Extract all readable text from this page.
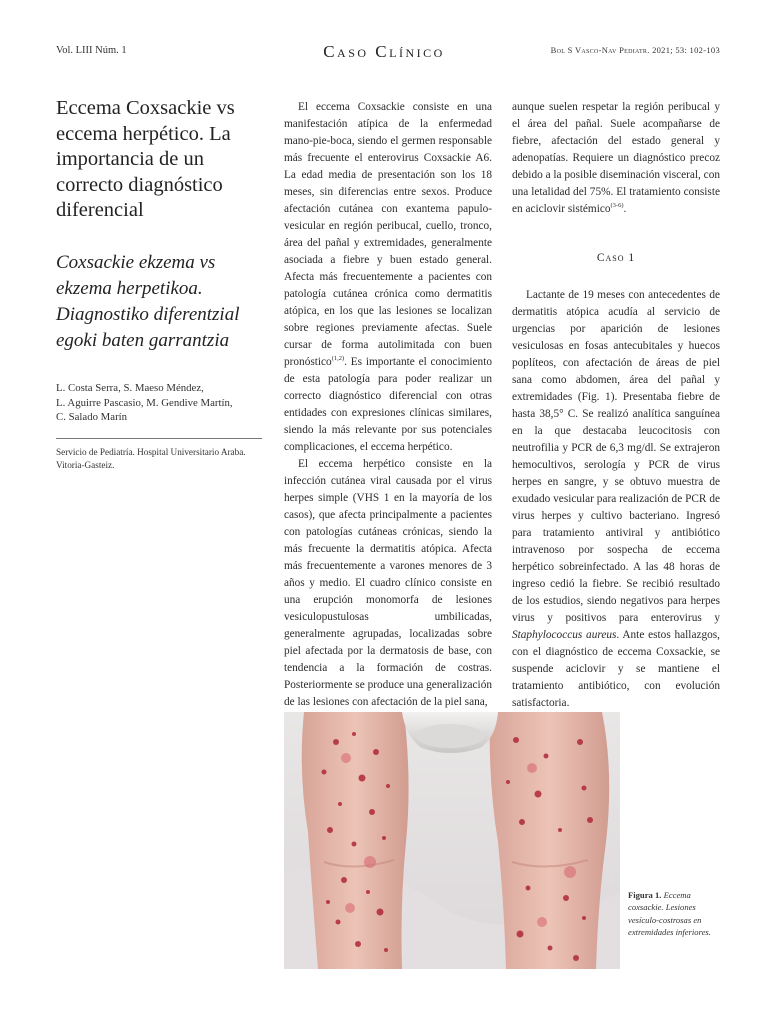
Vol. LIII Núm. 1	Caso Clínico	Bol S Vasco-Nav Pediatr. 2021; 53: 102-103
Eccema Coxsackie vs eccema herpético. La importancia de un correcto diagnóstico diferencial
Coxsackie ekzema vs ekzema herpetikoa. Diagnostiko diferentzial egoki baten garrantzia
L. Costa Serra, S. Maeso Méndez,
L. Aguirre Pascasio, M. Gendive Martín,
C. Salado Marín
Servicio de Pediatría. Hospital Universitario Araba. Vitoria-Gasteiz.

El eccema Coxsackie consiste en una manifestación atípica de la enfermedad mano-pie-boca, siendo el germen responsable más frecuente el enterovirus Coxsackie A6. La edad media de presentación son los 18 meses, sin diferencias entre sexos. Produce afectación cutánea con exantema papulo-vesicular en región peribucal, cuello, tronco, área del pañal y extremidades, generalmente asociada a fiebre y buen estado general. Afecta más frecuentemente a pacientes con patología cutánea crónica como dermatitis atópica, en los que las lesiones se localizan sobre regiones previamente afectas. Suele cursar de forma autolimitada con buen pronóstico$^{(1,2)}$. Es importante el conocimiento de esta patología para poder realizar un correcto diagnóstico diferencial con otras entidades con expresiones clínicas similares, siendo la más relevante por sus potenciales complicaciones, el eccema herpético.

El eccema herpético consiste en la infección cutánea viral causada por el virus herpes simple (VHS 1 en la mayoría de los casos), que afecta principalmente a pacientes con patologías cutáneas crónicas, siendo la más frecuente la dermatitis atópica. Afecta más frecuentemente a varones menores de 3 años y medio. El cuadro clínico consiste en una erupción monomorfa de lesiones vesiculopustulosas umbilicadas, generalmente agrupadas, localizadas sobre piel afectada por la dermatosis de base, con tendencia a la formación de costras. Posteriormente se produce una generalización de las lesiones con afectación de la piel sana,

aunque suelen respetar la región peribucal y el área del pañal. Suele acompañarse de fiebre, afectación del estado general y adenopatías. Requiere un diagnóstico precoz debido a la posible diseminación visceral, con una letalidad del 75%. El tratamiento consiste en aciclovir sistémico$^{(3-6)}$.

Caso 1

Lactante de 19 meses con antecedentes de dermatitis atópica acudía al servicio de urgencias por aparición de lesiones vesiculosas en fosas antecubitales y huecos poplíteos, con afectación de áreas de piel sana como abdomen, área del pañal y extremidades (Fig. 1). Presentaba fiebre de hasta 38,5° C. Se realizó analítica sanguínea en la que destacaba leucocitosis con neutrofilia y PCR de 6,3 mg/dl. Se extrajeron hemocultivos, serología y PCR de virus herpes en sangre, y se obtuvo muestra de exudado vesicular para realización de PCR de virus herpes y cultivo bacteriano. Ingresó para tratamiento antiviral y antibiótico intravenoso por sospecha de eccema herpético sobreinfectado. A las 48 horas de ingreso cedió la fiebre. Se recibió resultado de los estudios, siendo negativos para herpes virus y positivos para enterovirus y Staphylococcus aureus. Ante estos hallazgos, con el diagnóstico de eccema Coxsackie, se suspende aciclovir y se mantiene el tratamiento antibiótico, con evolución satisfactoria.

Figura 1. Eccema coxsackie. Lesiones vesículo-costrosas en extremidades inferiores.
